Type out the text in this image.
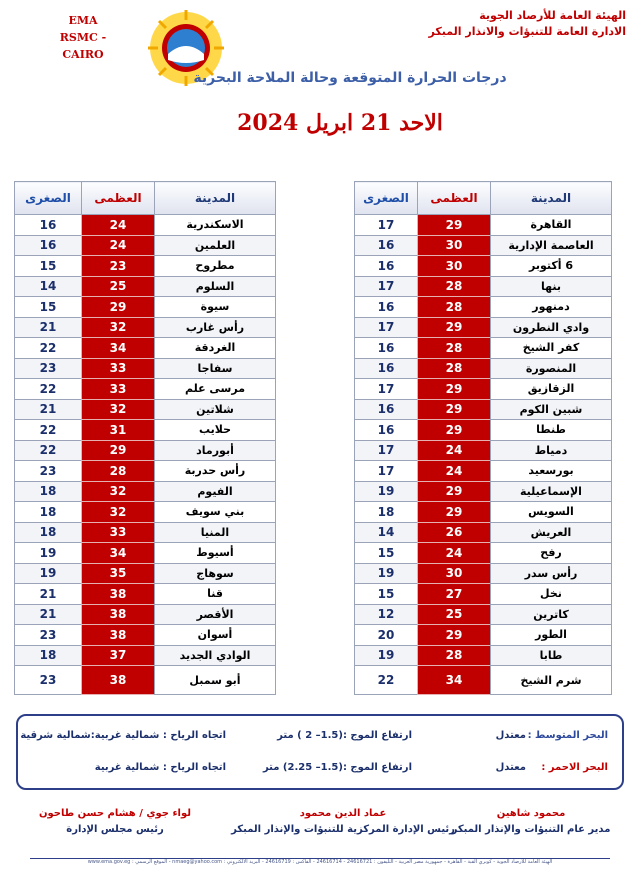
EMA
RSMC - CAIRO
الهيئة العامة للأرصاد الجوية
الادارة العامة للتنبؤات والانذار المبكر
درجات الحرارة المتوقعة وحالة الملاحة البحرية
الاحد 21 ابريل 2024
المدينة	العظمى	الصغرى
القاهرة	29	17
العاصمة الإدارية	30	16
6 أكتوبر	30	16
بنها	28	17
دمنهور	28	16
وادي النطرون	29	17
كفر الشيخ	28	16
المنصورة	28	16
الزقازيق	29	17
شبين الكوم	29	16
طنطا	29	16
دمياط	24	17
بورسعيد	24	17
الإسماعيلية	29	19
السويس	29	18
العريش	26	14
رفح	24	15
رأس سدر	30	19
نخل	27	15
كاترين	25	12
الطور	29	20
طابا	28	19
شرم الشيخ	34	22
المدينة	العظمى	الصغرى
الاسكندرية	24	16
العلمين	24	16
مطروح	23	15
السلوم	25	14
سيوة	29	15
رأس غارب	32	21
الغردقة	34	22
سفاجا	33	23
مرسى علم	33	22
شلاتين	32	21
حلايب	31	22
أبورماد	29	22
رأس حدربة	28	23
الفيوم	32	18
بني سويف	32	18
المنيا	33	18
أسيوط	34	19
سوهاج	35	19
قنا	38	21
الأقصر	38	21
أسوان	38	23
الوادي الجديد	37	18
أبو سمبل	38	23
البحر المتوسط :
معتدل
ارتفاع الموج :(1.5– 2 ) متر
اتجاه الرياح : شمالية غربية:شمالية شرقية
البحر الاحمر :
معتدل
ارتفاع الموج :(1.5– 2.25) متر
اتجاه الرياح : شمالية غربية
محمود شاهين
مدير عام التنبؤات والإنذار المبكر
عماد الدين محمود
رئيس الإدارة المركزية للتنبؤات والإنذار المبكر
لواء جوي / هشام حسن طاحون
رئيس مجلس الإدارة
الهيئة العامة للأرصاد الجوية - كوبري القبة - القاهرة - جمهورية مصر العربية - التليفون : 24616721 - 24616714 - الفاكس : 24616719 - البريد الالكتروني : nmaeg@yahoo.com - الموقع الرسمي : www.ema.gov.eg
